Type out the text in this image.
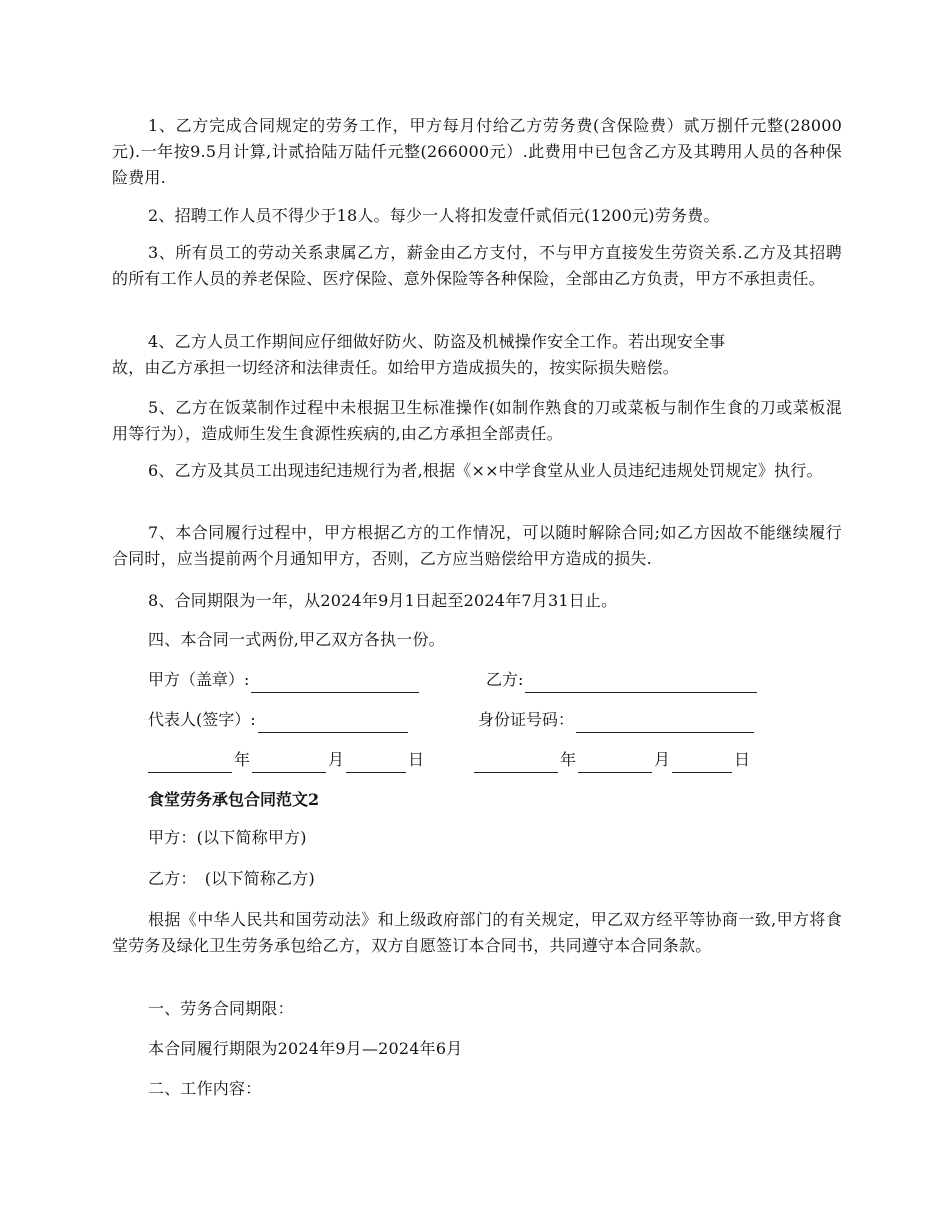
1、乙方完成合同规定的劳务工作，甲方每月付给乙方劳务费(含保险费）贰万捌仟元整(28000元).一年按9.5月计算,计贰拾陆万陆仟元整(266000元）.此费用中已包含乙方及其聘用人员的各种保险费用.

2、招聘工作人员不得少于18人。每少一人将扣发壹仟贰佰元(1200元)劳务费。

3、所有员工的劳动关系隶属乙方，薪金由乙方支付，不与甲方直接发生劳资关系.乙方及其招聘的所有工作人员的养老保险、医疗保险、意外保险等各种保险，全部由乙方负责，甲方不承担责任。

4、乙方人员工作期间应仔细做好防火、防盗及机械操作安全工作。若出现安全事

故，由乙方承担一切经济和法律责任。如给甲方造成损失的，按实际损失赔偿。

5、乙方在饭菜制作过程中未根据卫生标准操作(如制作熟食的刀或菜板与制作生食的刀或菜板混用等行为），造成师生发生食源性疾病的,由乙方承担全部责任。

6、乙方及其员工出现违纪违规行为者,根据《××中学食堂从业人员违纪违规处罚规定》执行。

7、本合同履行过程中，甲方根据乙方的工作情况，可以随时解除合同;如乙方因故不能继续履行合同时，应当提前两个月通知甲方，否则，乙方应当赔偿给甲方造成的损失.

8、合同期限为一年，从2024年9月1日起至2024年7月31日止。

四、本合同一式两份,甲乙双方各执一份。

甲方（盖章）:	乙方:
代表人(签字）:	身份证号码：
年	月	日	年	月	日

食堂劳务承包合同范文2

甲方：(以下简称甲方)

乙方：　(以下简称乙方)

根据《中华人民共和国劳动法》和上级政府部门的有关规定，甲乙双方经平等协商一致,甲方将食堂劳务及绿化卫生劳务承包给乙方，双方自愿签订本合同书，共同遵守本合同条款。

一、劳务合同期限：

本合同履行期限为2024年9月—2024年6月

二、工作内容：
